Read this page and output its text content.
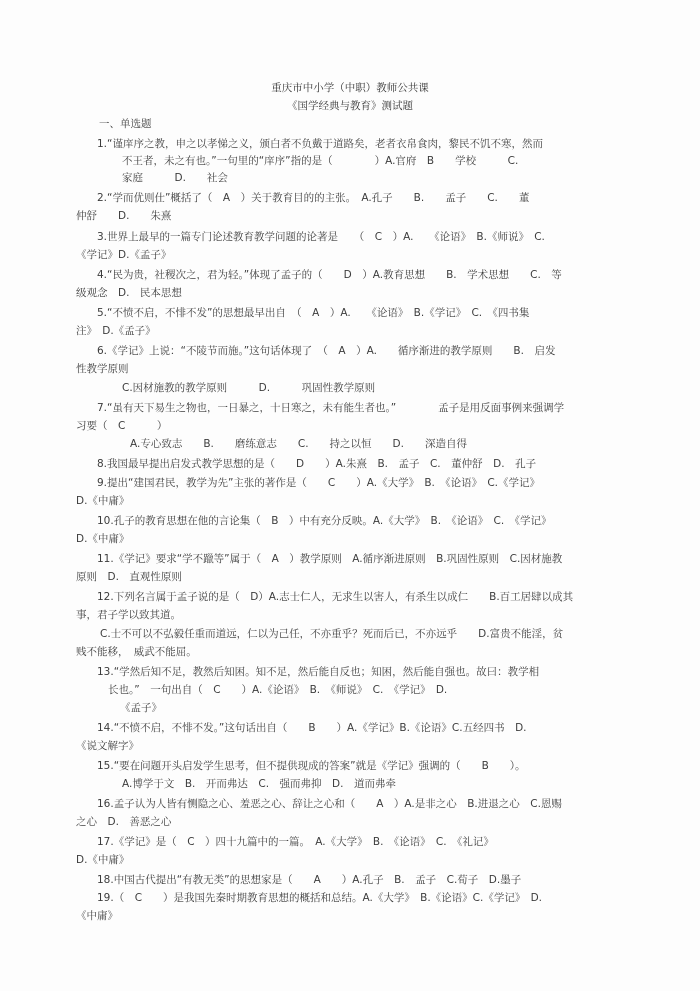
重庆市中小学（中职）教师公共课
《国学经典与教育》测试题
一、单选题
1.“谨庠序之教，申之以孝悌之义，颁白者不负戴于道路矣，老者衣帛食肉，黎民不饥不寒，然而
不王者，未之有也。”一句里的“庠序”指的是（　　　　）A.官府　B　　学校　　　C.
家庭　　　D.　　社会
2.“学而优则仕”概括了（　A　）关于教育目的的主张。　A.孔子　　B.　　孟子　　C.　　董
仲舒　　D.　　朱熹
3.世界上最早的一篇专门论述教育教学问题的论著是　　（　C　）A.　　《论语》　B.《师说》　C.
《学记》D.《孟子》
4.“民为贵，社稷次之，君为轻。”体现了孟子的（　　D　）A.教育思想　　B.　学术思想　　C.　等
级观念　D.　民本思想
5.“不愤不启，不悱不发”的思想最早出自　（　A　）A.　　《论语》　B.《学记》　C.　《四书集
注》　D.《孟子》
6.《学记》上说：“不陵节而施。”这句话体现了　（　A　）A.　　循序渐进的教学原则　　B.　启发
性教学原则
C.因材施教的教学原则　　　D.　　　巩固性教学原则
7.“虽有天下易生之物也，一日暴之，十日寒之，未有能生者也。”　　　　孟子是用反面事例来强调学
习要（　C　　　）
A.专心致志　　B.　　磨练意志　　C.　　持之以恒　　D.　　深造自得
8.我国最早提出启发式教学思想的是（　　D　　）A.朱熹　B.　孟子　C.　董仲舒　D.　孔子
9.提出“建国君民，教学为先”主张的著作是（　　C　　）A.《大学》　B.　《论语》　C.《学记》
D.《中庸》
10.孔子的教育思想在他的言论集（　B　）中有充分反映。A.《大学》　B.　《论语》　C.　《学记》
D.《中庸》
11.《学记》要求“学不躐等”属于（　A　）教学原则　A.循序渐进原则　B.巩固性原则　C.因材施教
原则　D.　直观性原则
12.下列名言属于孟子说的是（　D）A.志士仁人，无求生以害人，有杀生以成仁　　B.百工居肆以成其
事，君子学以致其道。
C.士不可以不弘毅任重而道远，仁以为己任，不亦重乎？死而后已，不亦远乎　　D.富贵不能淫，贫
贱不能移，　威武不能屈。
13.“学然后知不足，教然后知困。知不足，然后能自反也；知困，然后能自强也。故曰：教学相
长也。”　一句出自（　C　　）A.《论语》　B.　《师说》　C.　《学记》　D.
《孟子》
14.“不愤不启，不悱不发。”这句话出自（　　B　　）A.《学记》B.《论语》C.五经四书　D.
《说文解字》
15.“要在问题开头启发学生思考，但不提供现成的答案”就是《学记》强调的（　　B　　）。
A.博学于文　B.　开而弗达　C.　强而弗抑　D.　道而弗牵
16.孟子认为人皆有恻隐之心、羞恶之心、辞让之心和（　　A　）A.是非之心　B.进退之心　C.恩赐
之心　D.　善恶之心
17.《学记》是（　C　）四十九篇中的一篇。　A.《大学》　B.　《论语》　C.　《礼记》
D.《中庸》
18.中国古代提出“有教无类”的思想家是（　　A　　）A.孔子　B.　孟子　C.荀子　D.墨子
19.（　C　　）是我国先秦时期教育思想的概括和总结。A.《大学》　B.《论语》C.《学记》　D.
《中庸》
